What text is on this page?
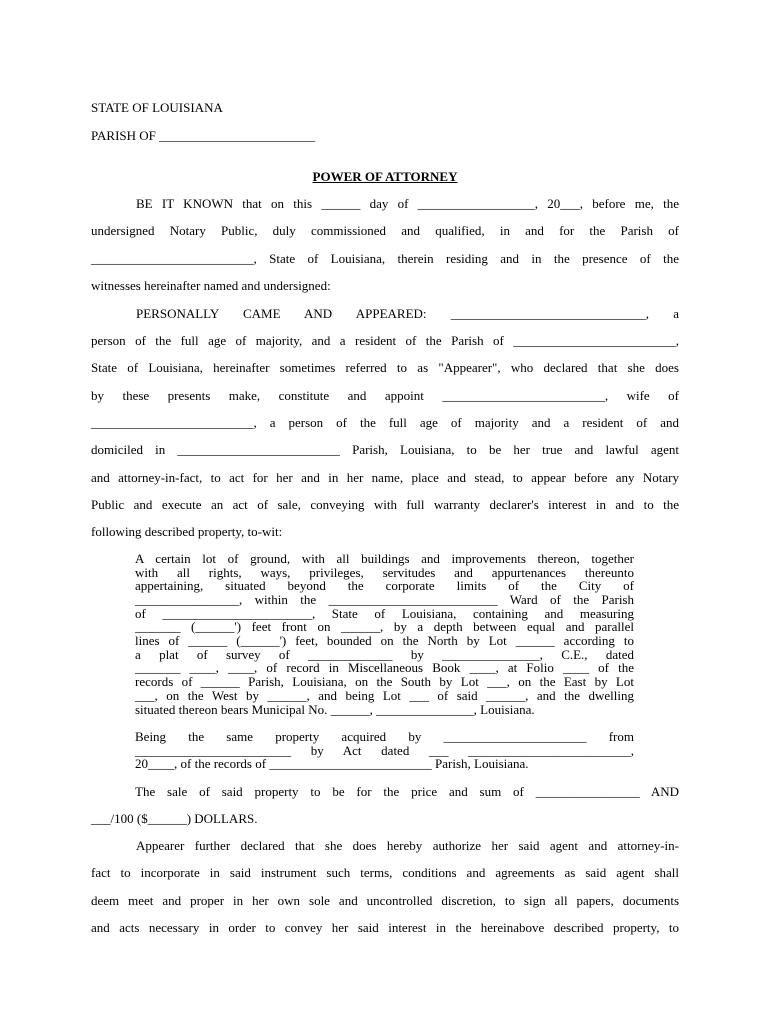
STATE OF LOUISIANA
PARISH OF ________________________
POWER OF ATTORNEY
BE IT KNOWN that on this ______ day of __________________, 20___, before me, the
undersigned Notary Public, duly commissioned and qualified, in and for the Parish of
_________________________, State of Louisiana, therein residing and in the presence of the
witnesses hereinafter named and undersigned:
PERSONALLY CAME AND APPEARED: ______________________________, a
person of the full age of majority, and a resident of the Parish of _________________________,
State of Louisiana, hereinafter sometimes referred to as "Appearer", who declared that she does
by these presents make, constitute and appoint _________________________, wife of
_________________________, a person of the full age of majority and a resident of and
domiciled in _________________________ Parish, Louisiana, to be her true and lawful agent
and attorney-in-fact, to act for her and in her name, place and stead, to appear before any Notary
Public and execute an act of sale, conveying with full warranty declarer's interest in and to the
following described property, to-wit:
A certain lot of ground, with all buildings and improvements thereon, together
with all rights, ways, privileges, servitudes and appurtenances thereunto
appertaining, situated beyond the corporate limits of the City of
________________, within the __________________________ Ward of the Parish
of _______________________, State of Louisiana, containing and measuring
_______ (______') feet front on ______, by a depth between equal and parallel
lines of ______ (______') feet, bounded on the North by Lot ______ according to
a plat of survey of _____________ by _______________, C.E., dated
_______ ____, ____, of record in Miscellaneous Book ____, at Folio ____ of the
records of ______ Parish, Louisiana, on the South by Lot ___, on the East by Lot
___, on the West by ______, and being Lot ___ of said ______, and the dwelling
situated thereon bears Municipal No. ______, _______________, Louisiana.
Being the same property acquired by ______________________ from
________________________ by Act dated ___ _________________________,
20____, of the records of _________________________ Parish, Louisiana.
The sale of said property to be for the price and sum of ________________ AND
___/100 ($______) DOLLARS.
Appearer further declared that she does hereby authorize her said agent and attorney-in-
fact to incorporate in said instrument such terms, conditions and agreements as said agent shall
deem meet and proper in her own sole and uncontrolled discretion, to sign all papers, documents
and acts necessary in order to convey her said interest in the hereinabove described property, to
